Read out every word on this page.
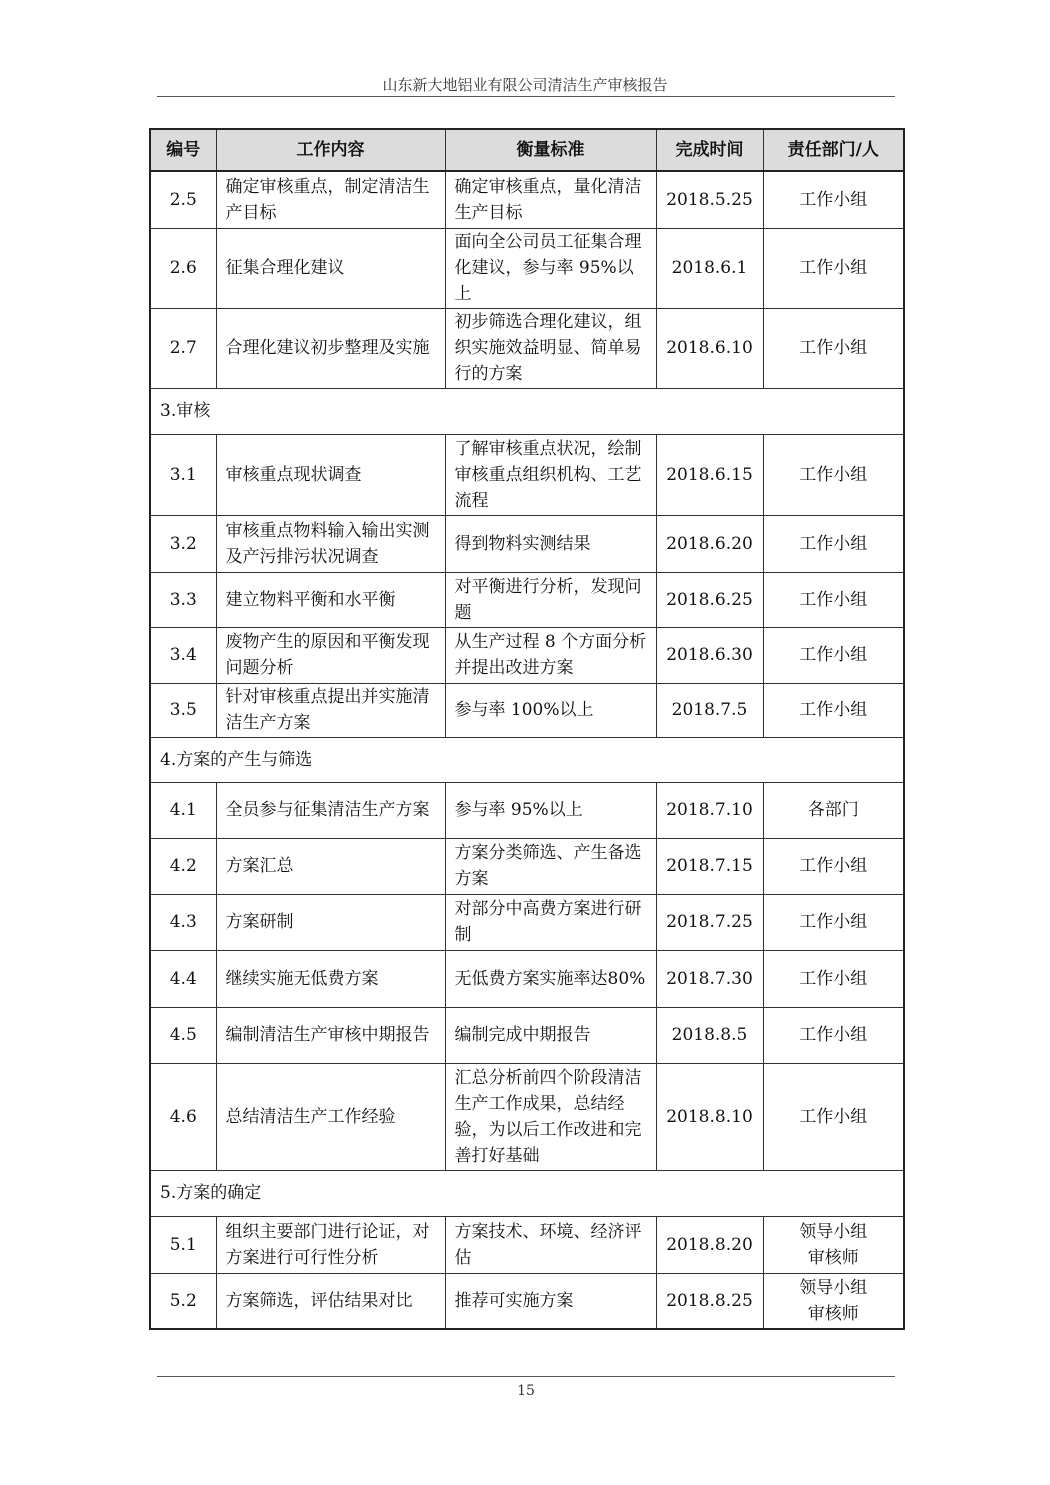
山东新大地铝业有限公司清洁生产审核报告
编号	工作内容	衡量标准	完成时间	责任部门/人
2.5	确定审核重点，制定清洁生产目标	确定审核重点，量化清洁生产目标	2018.5.25	工作小组

2.6	征集合理化建议	面向全公司员工征集合理化建议，参与率 95%以上	2018.6.1	工作小组

2.7	合理化建议初步整理及实施	初步筛选合理化建议，组织实施效益明显、简单易行的方案	2018.6.10	工作小组

3.审核				
3.1	审核重点现状调查	了解审核重点状况，绘制审核重点组织机构、工艺流程	2018.6.15	工作小组

3.2	审核重点物料输入输出实测及产污排污状况调查	得到物料实测结果	2018.6.20	工作小组

3.3	建立物料平衡和水平衡	对平衡进行分析，发现问题	2018.6.25	工作小组

3.4	废物产生的原因和平衡发现问题分析	从生产过程 8 个方面分析并提出改进方案	2018.6.30	工作小组

3.5	针对审核重点提出并实施清洁生产方案	参与率 100%以上	2018.7.5	工作小组

4.方案的产生与筛选				
4.1	全员参与征集清洁生产方案	参与率 95%以上	2018.7.10	各部门

4.2	方案汇总	方案分类筛选、产生备选方案	2018.7.15	工作小组

4.3	方案研制	对部分中高费方案进行研制	2018.7.25	工作小组

4.4	继续实施无低费方案	无低费方案实施率达80%	2018.7.30	工作小组

4.5	编制清洁生产审核中期报告	编制完成中期报告	2018.8.5	工作小组

4.6	总结清洁生产工作经验	汇总分析前四个阶段清洁生产工作成果，总结经验，为以后工作改进和完善打好基础	2018.8.10	工作小组

5.方案的确定				
5.1	组织主要部门进行论证，对方案进行可行性分析	方案技术、环境、经济评估	2018.8.20	领导小组
审核师

5.2	方案筛选，评估结果对比	推荐可实施方案	2018.8.25	领导小组
审核师
15
